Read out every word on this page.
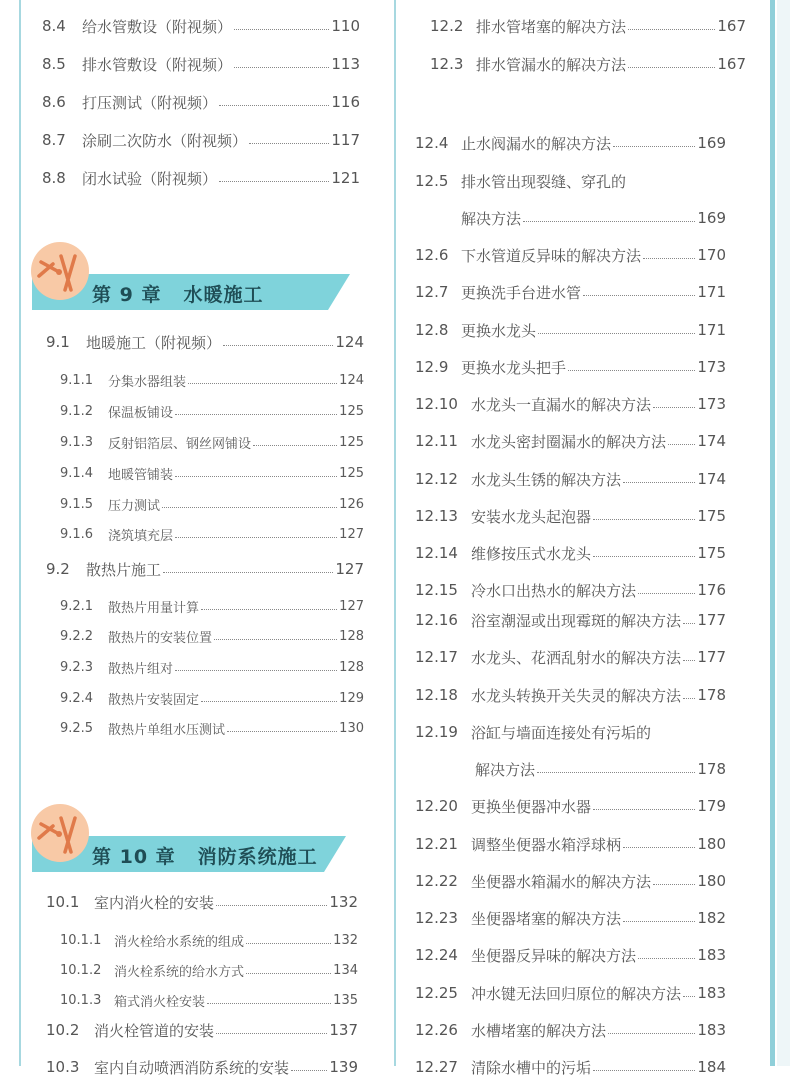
8.4	给水管敷设（附视频）	110
8.5	排水管敷设（附视频）	113
8.6	打压测试（附视频）	116
8.7	涂刷二次防水（附视频）	117
8.8	闭水试验（附视频）	121
第 9 章 水暖施工
9.1	地暖施工（附视频）	124
9.1.1	分集水器组装	124
9.1.2	保温板铺设	125
9.1.3	反射铝箔层、钢丝网铺设	125
9.1.4	地暖管铺装	125
9.1.5	压力测试	126
9.1.6	浇筑填充层	127
9.2	散热片施工	127
9.2.1	散热片用量计算	127
9.2.2	散热片的安装位置	128
9.2.3	散热片组对	128
9.2.4	散热片安装固定	129
9.2.5	散热片单组水压测试	130
第 10 章 消防系统施工
10.1 室内消火栓的安装	132
10.1.1 消火栓给水系统的组成	132
10.1.2 消火栓系统的给水方式	134
10.1.3 箱式消火栓安装	135
10.2 消火栓管道的安装	137
10.3 室内自动喷洒消防系统的安装	139
12.2 排水管堵塞的解决方法	167
12.3 排水管漏水的解决方法	167
12.4 止水阀漏水的解决方法	169
12.5 排水管出现裂缝、穿孔的
解决方法	169
12.6 下水管道反异味的解决方法	170
12.7 更换洗手台进水管	171
12.8 更换水龙头	171
12.9 更换水龙头把手	173
12.10 水龙头一直漏水的解决方法	173
12.11 水龙头密封圈漏水的解决方法 174
12.12 水龙头生锈的解决方法	174
12.13 安装水龙头起泡器	175
12.14 维修按压式水龙头	175
12.15 冷水口出热水的解决方法	176
12.16 浴室潮湿或出现霉斑的解决方法 177
12.17 水龙头、花洒乱射水的解决方法 177
12.18 水龙头转换开关失灵的解决方法 178
12.19 浴缸与墙面连接处有污垢的
解决方法	178
12.20 更换坐便器冲水器	179
12.21 调整坐便器水箱浮球柄	180
12.22 坐便器水箱漏水的解决方法	180
12.23 坐便器堵塞的解决方法	182
12.24 坐便器反异味的解决方法	183
12.25 冲水键无法回归原位的解决方法 183
12.26 水槽堵塞的解决方法	183
12.27 清除水槽中的污垢	184
